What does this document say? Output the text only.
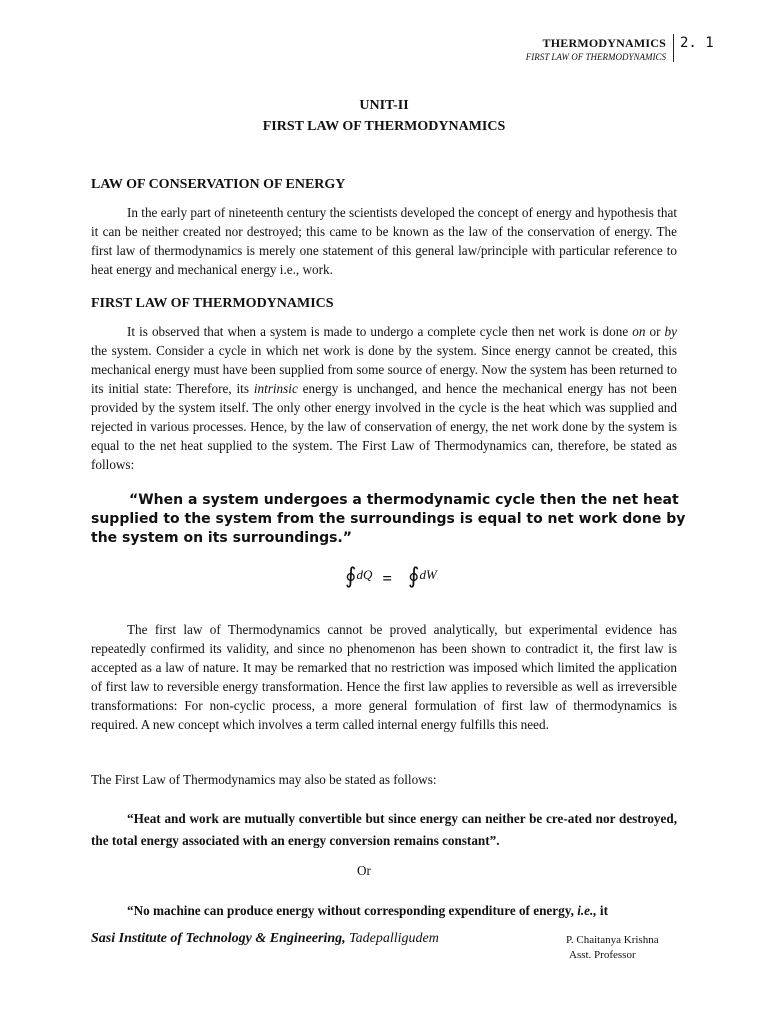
THERMODYNAMICS
FIRST LAW OF THERMODYNAMICS
2. 1
UNIT-II
FIRST LAW OF THERMODYNAMICS
LAW OF CONSERVATION OF ENERGY

In the early part of nineteenth century the scientists developed the concept of energy and hypothesis that it can be neither created nor destroyed; this came to be known as the law of the conservation of energy. The first law of thermodynamics is merely one statement of this general law/principle with particular reference to heat energy and mechanical energy i.e., work.

FIRST LAW OF THERMODYNAMICS

It is observed that when a system is made to undergo a complete cycle then net work is done on or by the system. Consider a cycle in which net work is done by the system. Since energy cannot be created, this mechanical energy must have been supplied from some source of energy. Now the system has been returned to its initial state: Therefore, its intrinsic energy is unchanged, and hence the mechanical energy has not been provided by the system itself. The only other energy involved in the cycle is the heat which was supplied and rejected in various processes. Hence, by the law of conservation of energy, the net work done by the system is equal to the net heat supplied to the system. The First Law of Thermodynamics can, therefore, be stated as follows:

“When a system undergoes a thermodynamic cycle then the net heat supplied to the system from the surroundings is equal to net work done by the system on its surroundings.”

∮dQ = ∮dW

The first law of Thermodynamics cannot be proved analytically, but experimental evidence has repeatedly confirmed its validity, and since no phenomenon has been shown to contradict it, the first law is accepted as a law of nature. It may be remarked that no restriction was imposed which limited the application of first law to reversible energy transformation. Hence the first law applies to reversible as well as irreversible transformations: For non-cyclic process, a more general formulation of first law of thermodynamics is required. A new concept which involves a term called internal energy fulfills this need.

The First Law of Thermodynamics may also be stated as follows:

“Heat and work are mutually convertible but since energy can neither be cre-ated nor destroyed, the total energy associated with an energy conversion remains constant”.

Or

“No machine can produce energy without corresponding expenditure of energy, i.e., it

Sasi Institute of Technology & Engineering, Tadepalligudem	P. Chaitanya Krishna
Asst. Professor
